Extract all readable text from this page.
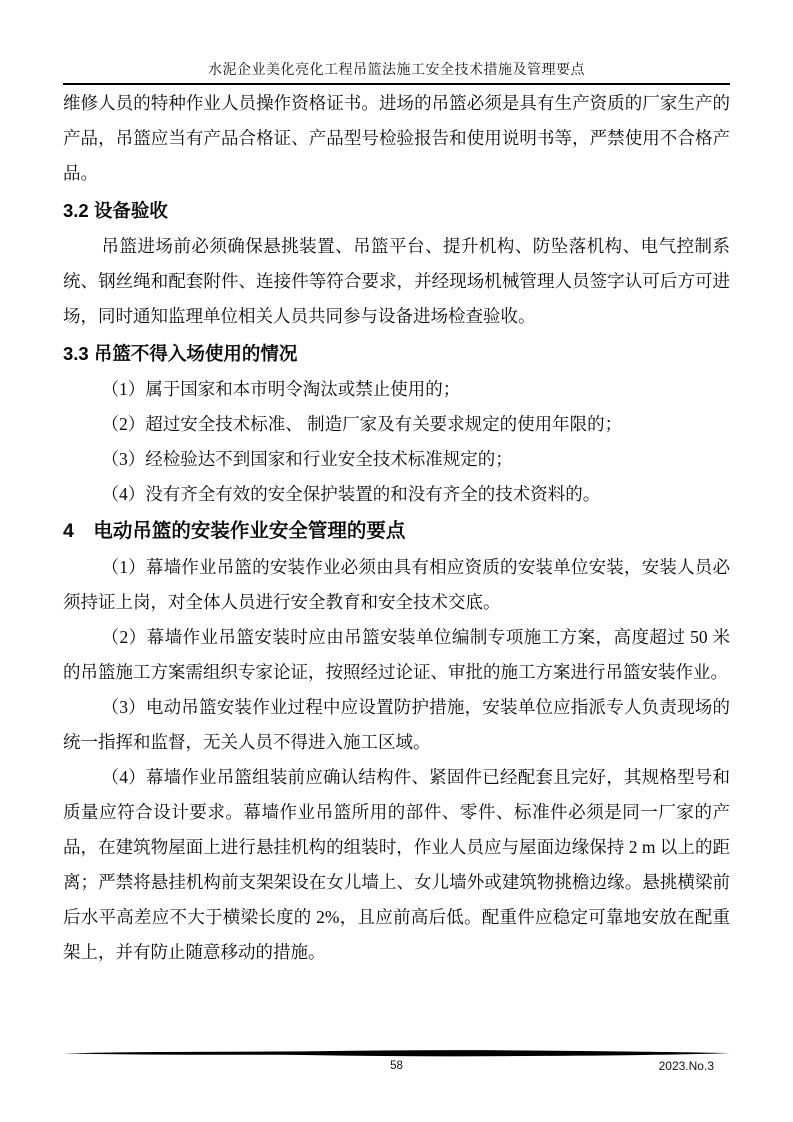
水泥企业美化亮化工程吊篮法施工安全技术措施及管理要点

维修人员的特种作业人员操作资格证书。进场的吊篮必须是具有生产资质的厂家生产的产品，吊篮应当有产品合格证、产品型号检验报告和使用说明书等，严禁使用不合格产品。

3.2 设备验收

吊篮进场前必须确保悬挑装置、吊篮平台、提升机构、防坠落机构、电气控制系统、钢丝绳和配套附件、连接件等符合要求，并经现场机械管理人员签字认可后方可进场，同时通知监理单位相关人员共同参与设备进场检查验收。

3.3 吊篮不得入场使用的情况

（1）属于国家和本市明令淘汰或禁止使用的；

（2）超过安全技术标准、 制造厂家及有关要求规定的使用年限的；

（3）经检验达不到国家和行业安全技术标准规定的；

（4）没有齐全有效的安全保护装置的和没有齐全的技术资料的。

4　电动吊篮的安装作业安全管理的要点

（1）幕墙作业吊篮的安装作业必须由具有相应资质的安装单位安装，安装人员必须持证上岗，对全体人员进行安全教育和安全技术交底。

（2）幕墙作业吊篮安装时应由吊篮安装单位编制专项施工方案，高度超过 50 米的吊篮施工方案需组织专家论证，按照经过论证、审批的施工方案进行吊篮安装作业。

（3）电动吊篮安装作业过程中应设置防护措施，安装单位应指派专人负责现场的统一指挥和监督，无关人员不得进入施工区域。

（4）幕墙作业吊篮组装前应确认结构件、紧固件已经配套且完好，其规格型号和质量应符合设计要求。幕墙作业吊篮所用的部件、零件、标准件必须是同一厂家的产品，在建筑物屋面上进行悬挂机构的组装时，作业人员应与屋面边缘保持 2 m 以上的距离；严禁将悬挂机构前支架架设在女儿墙上、女儿墙外或建筑物挑檐边缘。悬挑横梁前后水平高差应不大于横梁长度的 2%，且应前高后低。配重件应稳定可靠地安放在配重架上，并有防止随意移动的措施。

58	2023.No.3
